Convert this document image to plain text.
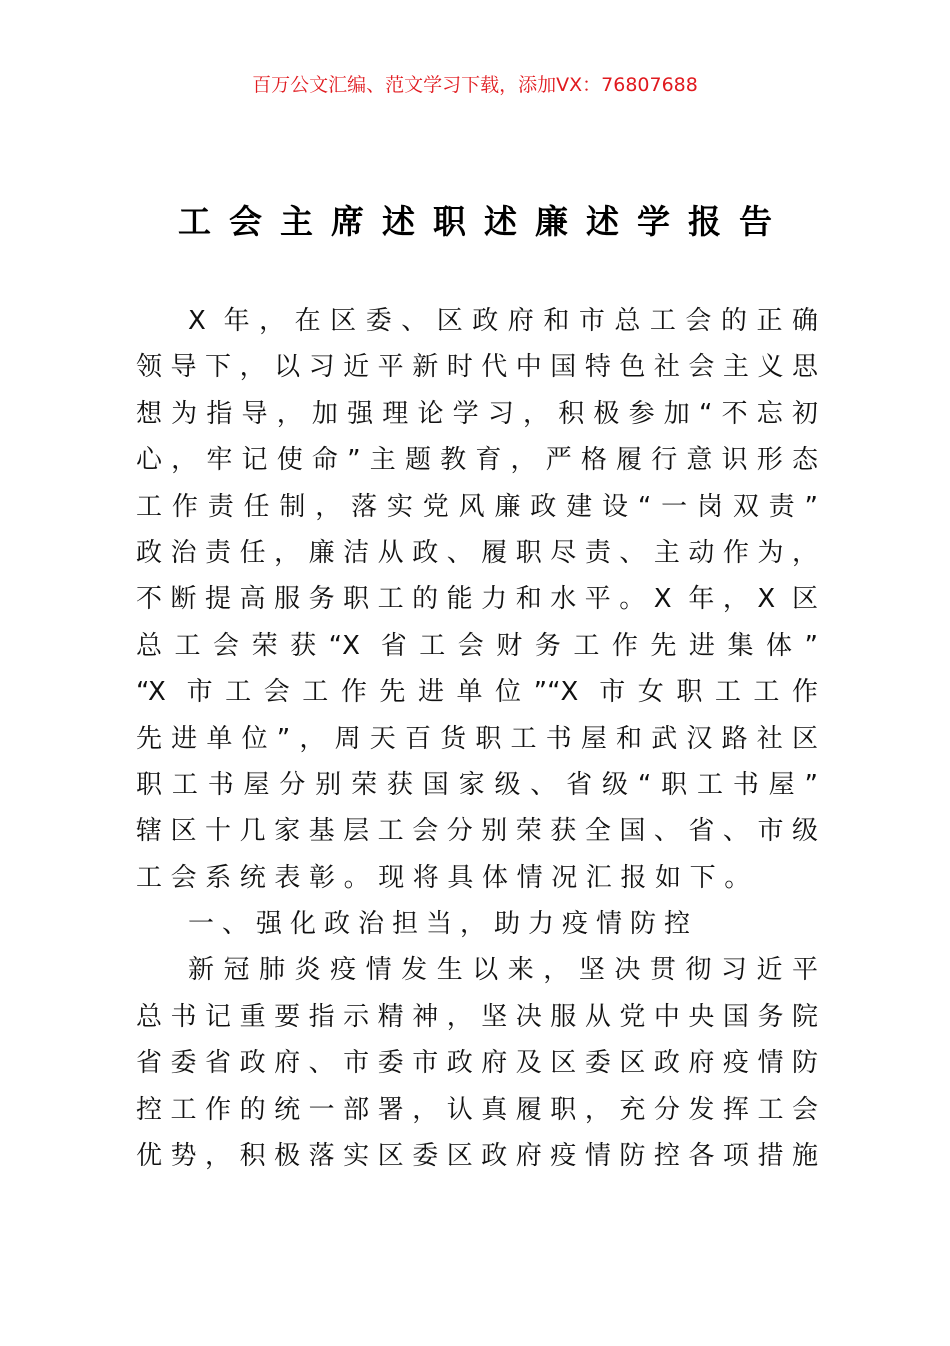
百万公文汇编、范文学习下载，添加VX：76807688
工会主席述职述廉述学报告
X 年，在区委、区政府和市总工会的正确
领导下，以习近平新时代中国特色社会主义思
想为指导，加强理论学习，积极参加“不忘初
心，牢记使命”主题教育，严格履行意识形态
工作责任制，落实党风廉政建设“一岗双责”
政治责任，廉洁从政、履职尽责、主动作为，
不断提高服务职工的能力和水平。X 年，X 区
总工会荣获“X 省工会财务工作先进集体”
“X 市工会工作先进单位”“X 市女职工工作
先进单位”，周天百货职工书屋和武汉路社区
职工书屋分别荣获国家级、省级“职工书屋”
辖区十几家基层工会分别荣获全国、省、市级
工会系统表彰。现将具体情况汇报如下。
一、强化政治担当，助力疫情防控
新冠肺炎疫情发生以来，坚决贯彻习近平
总书记重要指示精神，坚决服从党中央国务院
省委省政府、市委市政府及区委区政府疫情防
控工作的统一部署，认真履职，充分发挥工会
优势，积极落实区委区政府疫情防控各项措施
